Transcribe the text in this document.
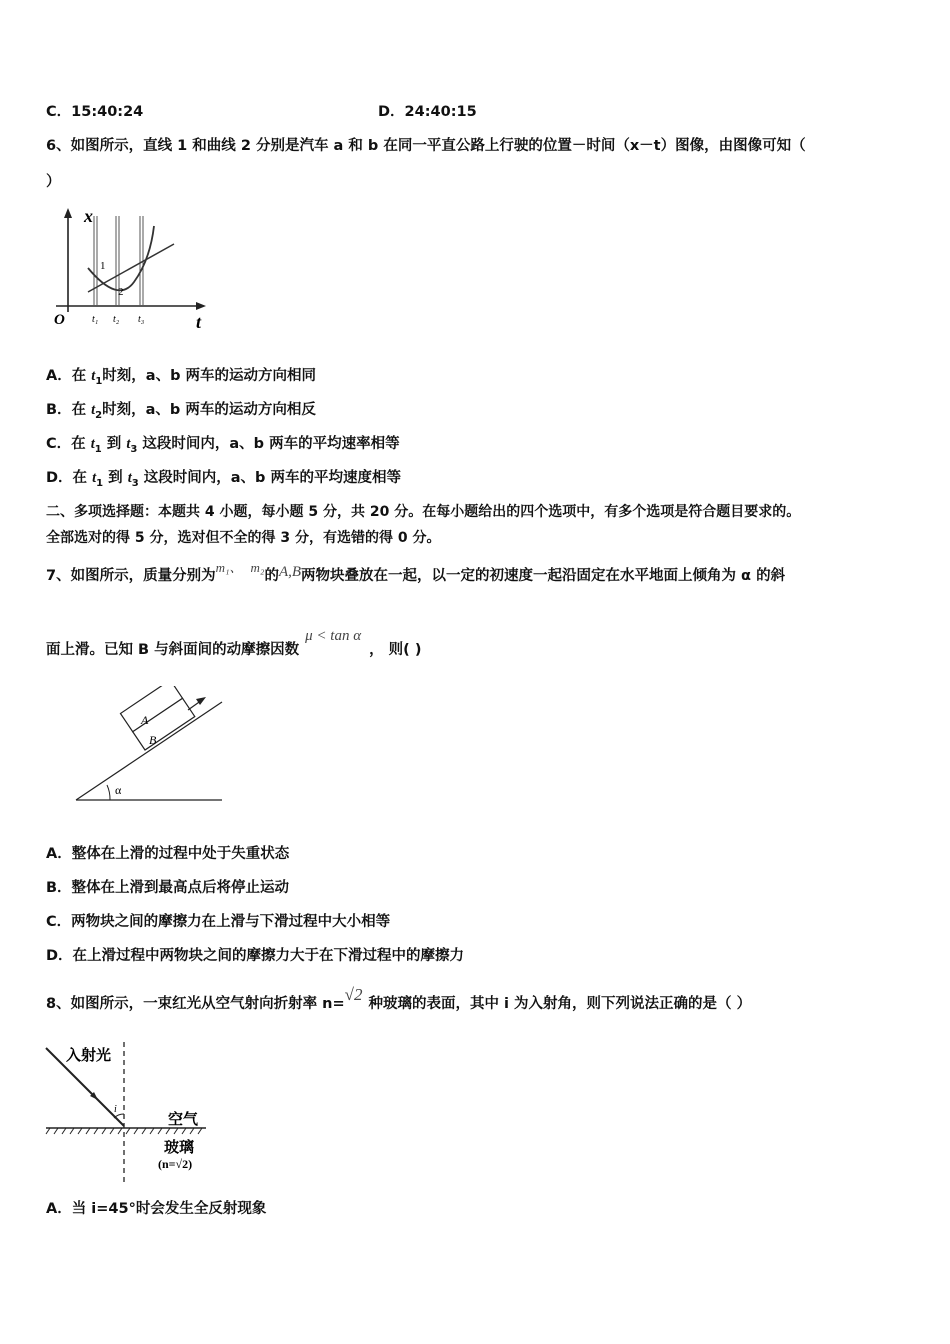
C．15:40:24	D．24:40:15
6、如图所示，直线 1 和曲线 2 分别是汽车 a 和 b 在同一平直公路上行驶的位置－时间（x－t）图像，由图像可知（
）
x
t
O
1
2
t₁ t₂ t₃
A．在 $t_1$时刻，a、b 两车的运动方向相同
B．在 $t_2$时刻，a、b 两车的运动方向相反
C．在 $t_1$ 到 $t_3$ 这段时间内，a、b 两车的平均速率相等
D．在 $t_1$ 到 $t_3$ 这段时间内，a、b 两车的平均速度相等
二、多项选择题：本题共 4 小题，每小题 5 分，共 20 分。在每小题给出的四个选项中，有多个选项是符合题目要求的。
全部选对的得 5 分，选对但不全的得 3 分，有选错的得 0 分。
7、如图所示，质量分别为m₁、 m₂的A,B两物块叠放在一起，以一定的初速度一起沿固定在水平地面上倾角为 α 的斜
面上滑。已知 B 与斜面间的动摩擦因数μ < tan α， 则( )
A
B
α
A．整体在上滑的过程中处于失重状态
B．整体在上滑到最高点后将停止运动
C．两物块之间的摩擦力在上滑与下滑过程中大小相等
D．在上滑过程中两物块之间的摩擦力大于在下滑过程中的摩擦力
8、如图所示，一束红光从空气射向折射率 n=√2 种玻璃的表面，其中 i 为入射角，则下列说法正确的是（ ）
i
入射光
空气
玻璃
(n=√2)
A．当 i=45°时会发生全反射现象
